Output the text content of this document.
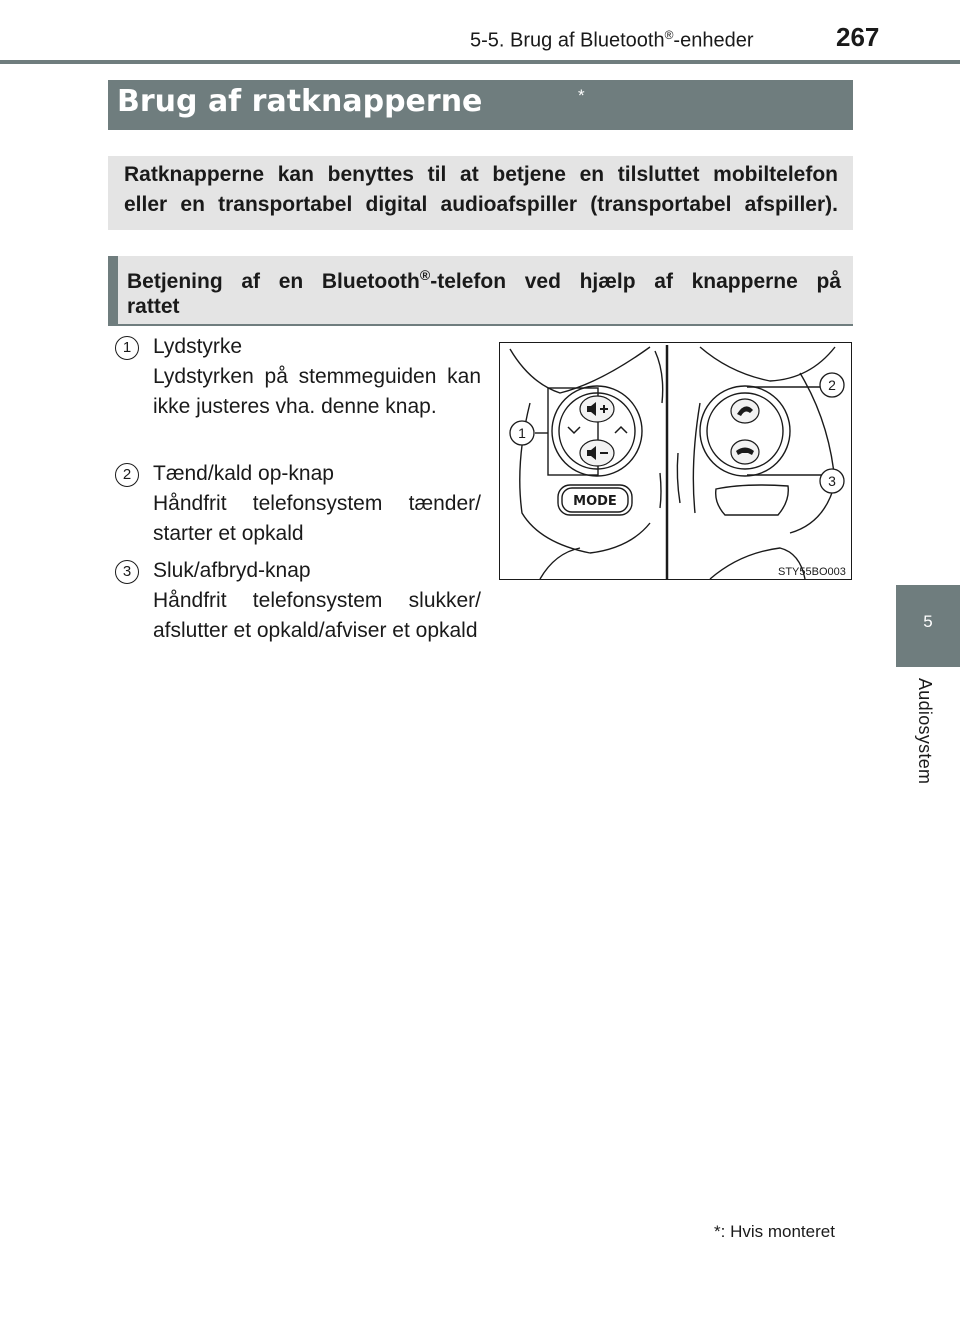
5-5. Brug af Bluetooth®-enheder	267
5
Audiosystem
Brug af ratknapperne	*

Ratknapperne kan benyttes til at betjene en tilsluttet mobiltelefon
eller en transportabel digital audioafspiller (transportabel afspiller).

Betjening af en Bluetooth®-telefon ved hjælp af knapperne på
rattet
1	Lydstyrke
Lydstyrken på stemmeguiden kan ikke justeres vha. denne knap.
2	Tænd/kald op-knap
Håndfrit telefonsystem tænder/ starter et opkald
3	Sluk/afbryd-knap
Håndfrit telefonsystem slukker/ afslutter et opkald/afviser et opkald
MODE
1
2
3
STY55BO003
*: Hvis monteret
